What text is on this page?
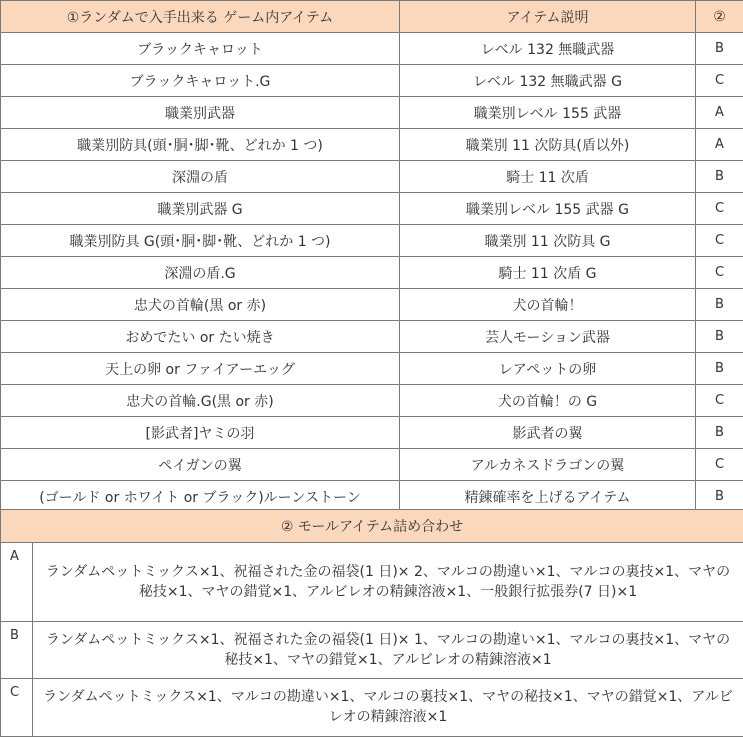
①ランダムで入手出来る ゲーム内アイテム	アイテム説明	②
ブラックキャロット	レベル 132 無職武器	B
ブラックキャロット.G	レベル 132 無職武器 G	C
職業別武器	職業別レベル 155 武器	A
職業別防具(頭･胴･脚･靴、どれか 1 つ)	職業別 11 次防具(盾以外)	A
深淵の盾	騎士 11 次盾	B
職業別武器 G	職業別レベル 155 武器 G	C
職業別防具 G(頭･胴･脚･靴、どれか 1 つ)	職業別 11 次防具 G	C
深淵の盾.G	騎士 11 次盾 G	C
忠犬の首輪(黒 or 赤)	犬の首輪！	B
おめでたい or たい焼き	芸人モーション武器	B
天上の卵 or ファイアーエッグ	レアペットの卵	B
忠犬の首輪.G(黒 or 赤)	犬の首輪！の G	C
[影武者]ヤミの羽	影武者の翼	B
ペイガンの翼	アルカネスドラゴンの翼	C
(ゴールド or ホワイト or ブラック)ルーンストーン	精錬確率を上げるアイテム	B
② モールアイテム詰め合わせ	
A	ランダムペットミックス×1、祝福された金の福袋(1 日)× 2、マルコの勘違い×1、マルコの裏技×1、マヤの秘技×1、マヤの錯覚×1、アルビレオの精錬溶液×1、一般銀行拡張券(7 日)×1
B	ランダムペットミックス×1、祝福された金の福袋(1 日)× 1、マルコの勘違い×1、マルコの裏技×1、マヤの秘技×1、マヤの錯覚×1、アルビレオの精錬溶液×1
C	ランダムペットミックス×1、マルコの勘違い×1、マルコの裏技×1、マヤの秘技×1、マヤの錯覚×1、アルビレオの精錬溶液×1
